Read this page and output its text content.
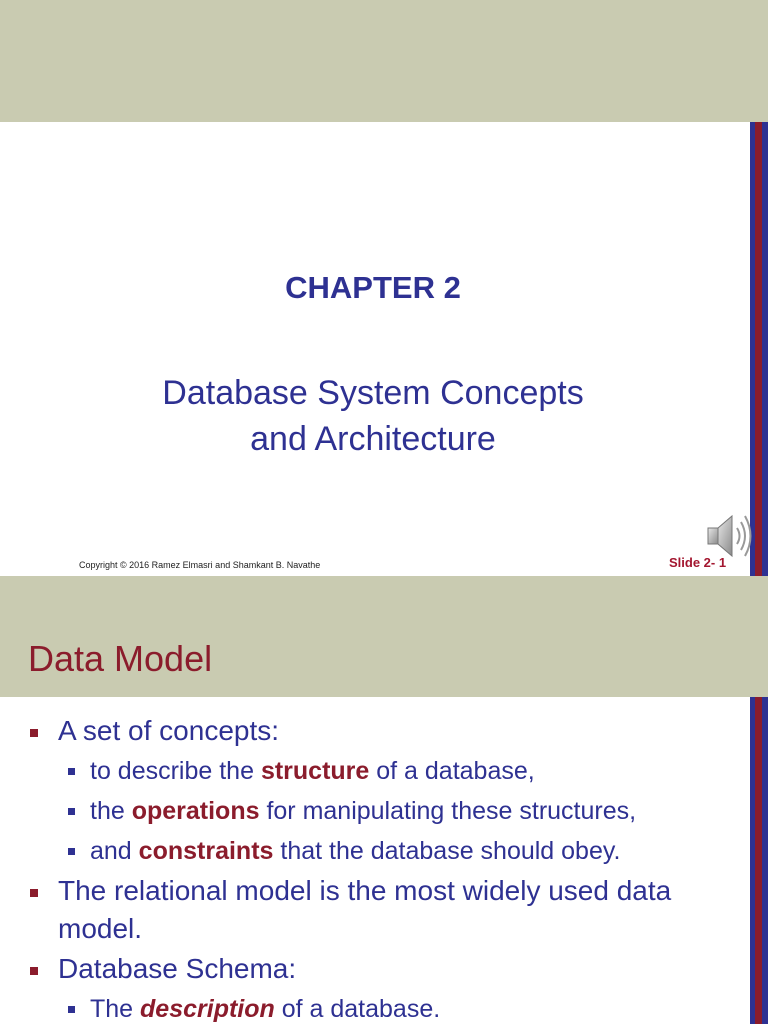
CHAPTER 2
Database System Concepts
and Architecture
Copyright © 2016 Ramez Elmasri and Shamkant B. Navathe	Slide 2- 1
Data Model
A set of concepts:
to describe the structure of a database,
the operations for manipulating these structures,
and constraints that the database should obey.
The relational model is the most widely used data model.
Database Schema:
The description of a database.
